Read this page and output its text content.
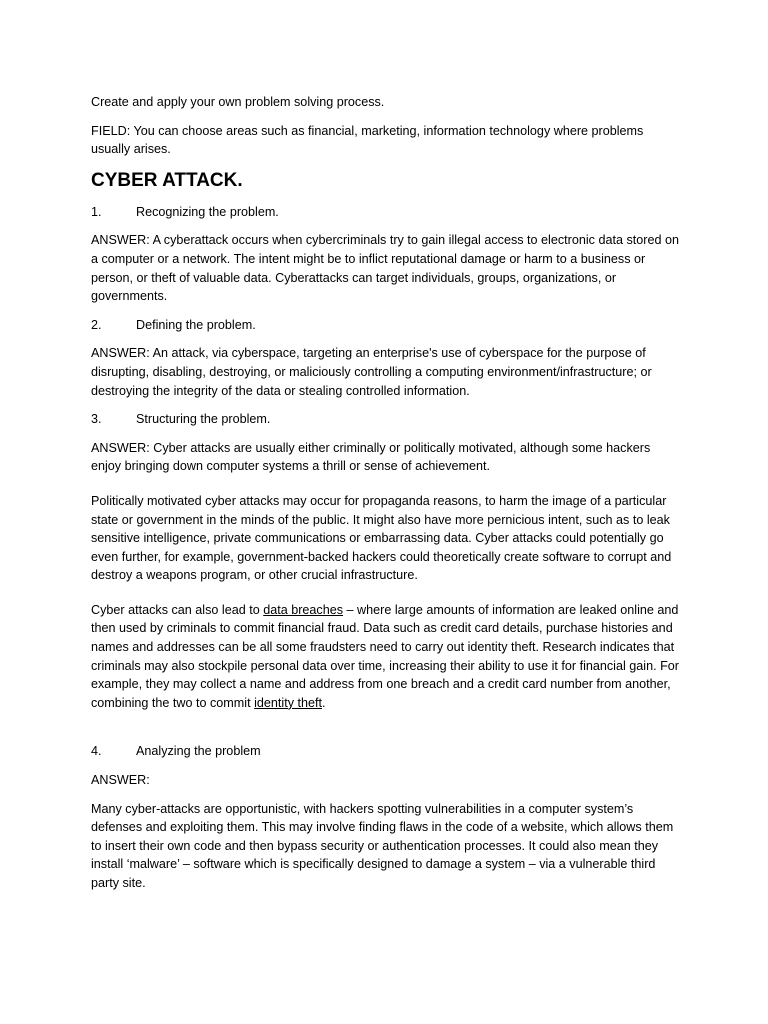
Create and apply your own problem solving process.

FIELD: You can choose areas such as financial, marketing, information technology where problems usually arises.

CYBER ATTACK.
1.	Recognizing the problem.

ANSWER: A cyberattack occurs when cybercriminals try to gain illegal access to electronic data stored on a computer or a network. The intent might be to inflict reputational damage or harm to a business or person, or theft of valuable data. Cyberattacks can target individuals, groups, organizations, or governments.

2.	Defining the problem.

ANSWER: An attack, via cyberspace, targeting an enterprise's use of cyberspace for the purpose of disrupting, disabling, destroying, or maliciously controlling a computing environment/infrastructure; or destroying the integrity of the data or stealing controlled information.

3.	Structuring the problem.

ANSWER: Cyber attacks are usually either criminally or politically motivated, although some hackers enjoy bringing down computer systems a thrill or sense of achievement.

Politically motivated cyber attacks may occur for propaganda reasons, to harm the image of a particular state or government in the minds of the public. It might also have more pernicious intent, such as to leak sensitive intelligence, private communications or embarrassing data. Cyber attacks could potentially go even further, for example, government-backed hackers could theoretically create software to corrupt and destroy a weapons program, or other crucial infrastructure.

Cyber attacks can also lead to data breaches – where large amounts of information are leaked online and then used by criminals to commit financial fraud. Data such as credit card details, purchase histories and names and addresses can be all some fraudsters need to carry out identity theft. Research indicates that criminals may also stockpile personal data over time, increasing their ability to use it for financial gain. For example, they may collect a name and address from one breach and a credit card number from another, combining the two to commit identity theft.

4.	Analyzing the problem

ANSWER:

Many cyber-attacks are opportunistic, with hackers spotting vulnerabilities in a computer system’s defenses and exploiting them. This may involve finding flaws in the code of a website, which allows them to insert their own code and then bypass security or authentication processes. It could also mean they install ‘malware’ – software which is specifically designed to damage a system – via a vulnerable third party site.
